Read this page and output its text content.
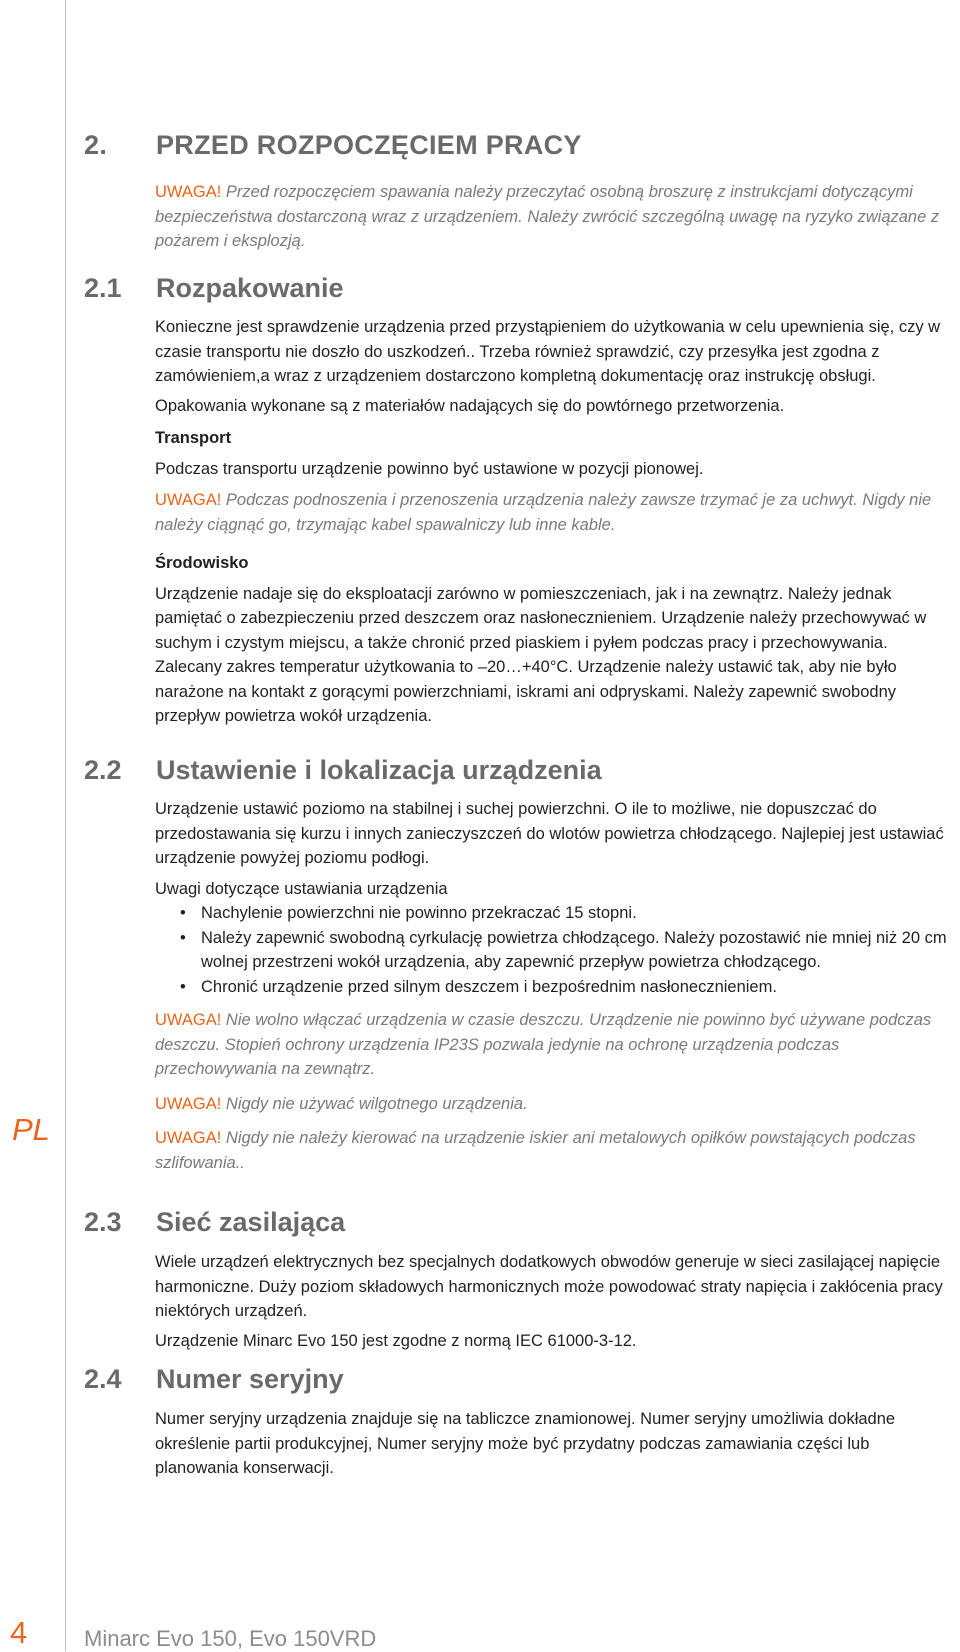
2. PRZED ROZPOCZĘCIEM PRACY

UWAGA! Przed rozpoczęciem spawania należy przeczytać osobną broszurę z instrukcjami dotyczącymi bezpieczeństwa dostarczoną wraz z urządzeniem. Należy zwrócić szczególną uwagę na ryzyko związane z pożarem i eksplozją.

2.1 Rozpakowanie

Konieczne jest sprawdzenie urządzenia przed przystąpieniem do użytkowania w celu upewnienia się, czy w czasie transportu nie doszło do uszkodzeń.. Trzeba również sprawdzić, czy przesyłka jest zgodna z zamówieniem,a wraz z urządzeniem dostarczono kompletną dokumentację oraz instrukcję obsługi.

Opakowania wykonane są z materiałów nadających się do powtórnego przetworzenia.

Transport

Podczas transportu urządzenie powinno być ustawione w pozycji pionowej.

UWAGA! Podczas podnoszenia i przenoszenia urządzenia należy zawsze trzymać je za uchwyt. Nigdy nie należy ciągnąć go, trzymając kabel spawalniczy lub inne kable.

Środowisko

Urządzenie nadaje się do eksploatacji zarówno w pomieszczeniach, jak i na zewnątrz. Należy jednak pamiętać o zabezpieczeniu przed deszczem oraz nasłonecznieniem. Urządzenie należy przechowywać w suchym i czystym miejscu, a także chronić przed piaskiem i pyłem podczas pracy i przechowywania. Zalecany zakres temperatur użytkowania to –20…+40°C. Urządzenie należy ustawić tak, aby nie było narażone na kontakt z gorącymi powierzchniami, iskrami ani odpryskami. Należy zapewnić swobodny przepływ powietrza wokół urządzenia.

2.2 Ustawienie i lokalizacja urządzenia

Urządzenie ustawić poziomo na stabilnej i suchej powierzchni. O ile to możliwe, nie dopuszczać do przedostawania się kurzu i innych zanieczyszczeń do wlotów powietrza chłodzącego. Najlepiej jest ustawiać urządzenie powyżej poziomu podłogi.

Uwagi dotyczące ustawiania urządzenia

• Nachylenie powierzchni nie powinno przekraczać 15 stopni.
• Należy zapewnić swobodną cyrkulację powietrza chłodzącego. Należy pozostawić nie mniej niż 20 cm wolnej przestrzeni wokół urządzenia, aby zapewnić przepływ powietrza chłodzącego.
• Chronić urządzenie przed silnym deszczem i bezpośrednim nasłonecznieniem.

UWAGA! Nie wolno włączać urządzenia w czasie deszczu. Urządzenie nie powinno być używane podczas deszczu. Stopień ochrony urządzenia IP23S pozwala jedynie na ochronę urządzenia podczas przechowywania na zewnątrz.

UWAGA! Nigdy nie używać wilgotnego urządzenia.

UWAGA! Nigdy nie należy kierować na urządzenie iskier ani metalowych opiłków powstających podczas szlifowania..

2.3 Sieć zasilająca

Wiele urządzeń elektrycznych bez specjalnych dodatkowych obwodów generuje w sieci zasilającej napięcie harmoniczne. Duży poziom składowych harmonicznych może powodować straty napięcia i zakłócenia pracy niektórych urządzeń.

Urządzenie Minarc Evo 150 jest zgodne z normą IEC 61000-3-12.

2.4 Numer seryjny

Numer seryjny urządzenia znajduje się na tabliczce znamionowej. Numer seryjny umożliwia dokładne określenie partii produkcyjnej, Numer seryjny może być przydatny podczas zamawiania części lub planowania konserwacji.

PL
4	Minarc Evo 150, Evo 150VRD
